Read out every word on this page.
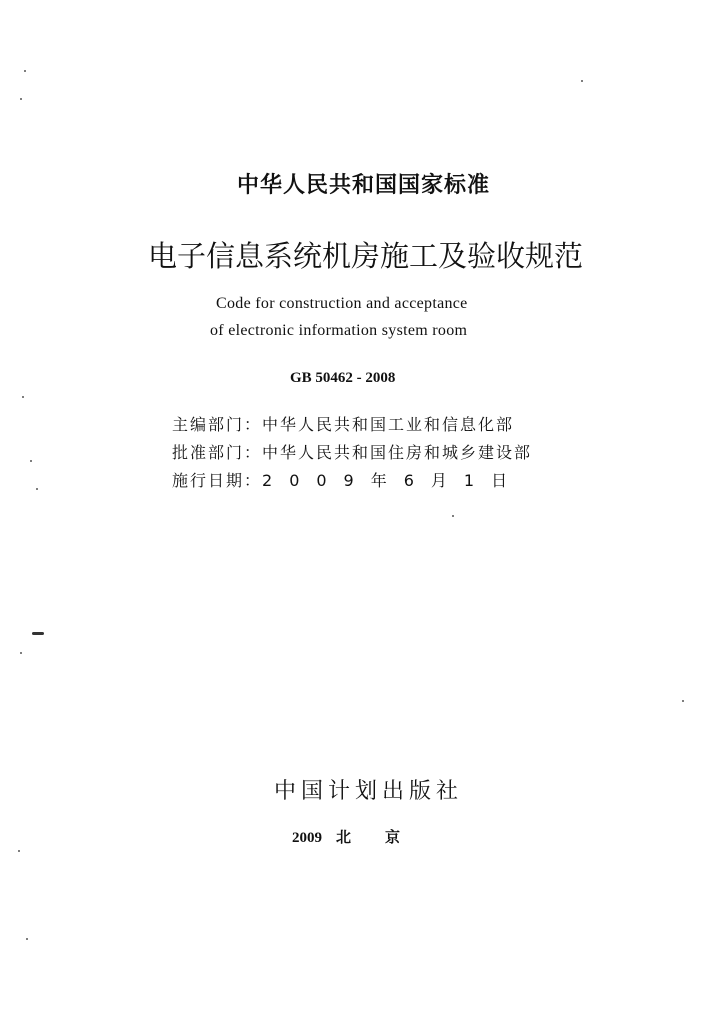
中华人民共和国国家标准
电子信息系统机房施工及验收规范
Code for construction and acceptance
of electronic information system room
GB 50462 - 2008
主编部门：中华人民共和国工业和信息化部
批准部门：中华人民共和国住房和城乡建设部
施行日期：2009年6月1日
中国计划出版社
2009 北京
